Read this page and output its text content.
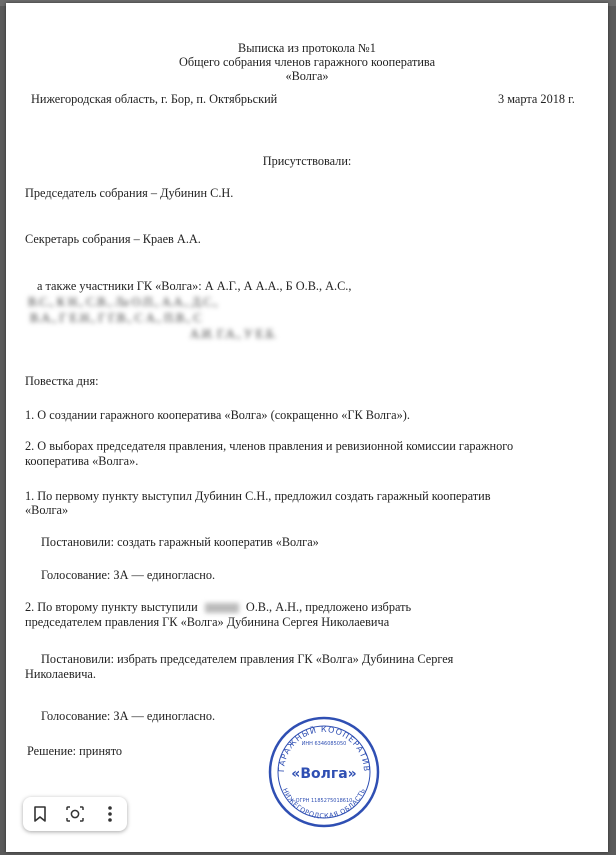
Выписка из протокола №1
Общего собрания членов гаражного кооператива
«Волга»
Нижегородская область, г. Бор, п. Октябрьский	3 марта 2018 г.
Присутствовали:
Председатель собрания – Дубинин С.Н.
Секретарь собрания – Краев А.А.
а также участники ГК «Волга»: А А.Г., А А.А., Б О.В., А.С.,
В.С., К Н., С.В., Ла О.П., А.А., Д.С.,
В.А., Г Е.Н., Г Г.В., С А., П.В., С
А.И. Г.А., У Е.Б.
Повестка дня:
1. О создании гаражного кооператива «Волга» (сокращенно «ГК Волга»).
2. О выборах председателя правления, членов правления и ревизионной комиссии гаражного
кооператива «Волга».
1. По первому пункту выступил Дубинин С.Н., предложил создать гаражный кооператив
«Волга»
Постановили: создать гаражный кооператив «Волга»
Голосование: ЗА — единогласно.
2. По второму пункту выступили	О.В., А.Н., предложено избрать
председателем правления ГК «Волга» Дубинина Сергея Николаевича
Постановили: избрать председателем правления ГК «Волга» Дубинина Сергея
Николаевича.
Голосование: ЗА — единогласно.
Решение: принято
ГАРАЖНЫЙ КООПЕРАТИВ
НИЖЕГОРОДСКАЯ ОБЛАСТЬ
ИНН 6346085050
«Волга»
ОГРН 1185275018610
